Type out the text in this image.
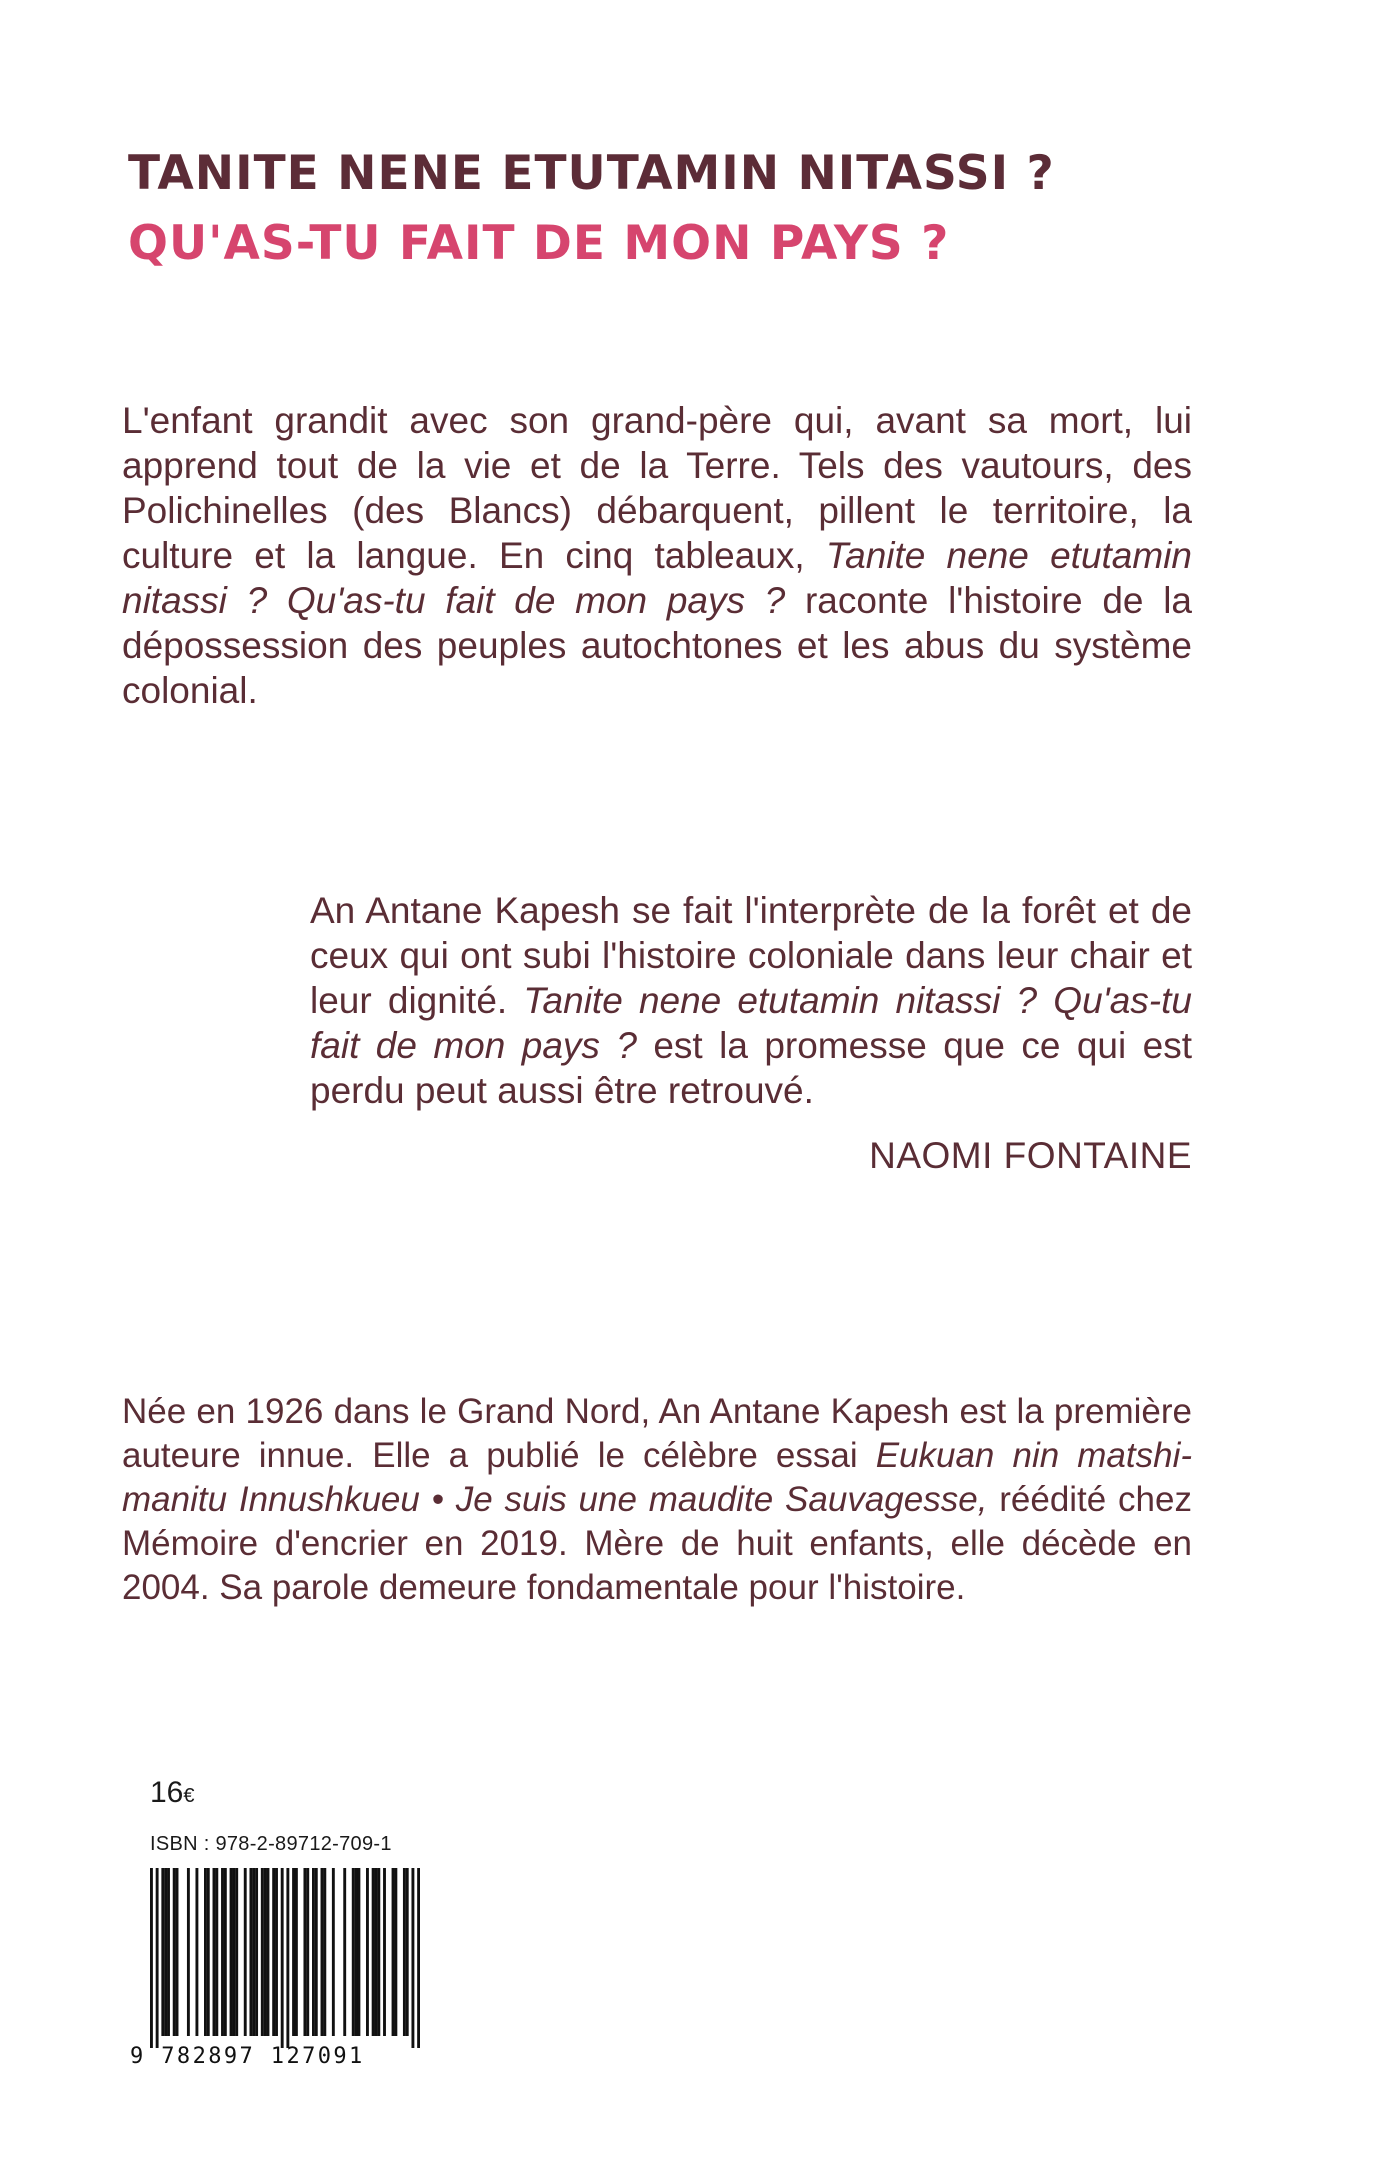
TANITE NENE ETUTAMIN NITASSI ?
QU'AS-TU FAIT DE MON PAYS ?

L'enfant grandit avec son grand-père qui, avant sa mort, lui apprend tout de la vie et de la Terre. Tels des vautours, des Polichinelles (des Blancs) débarquent, pillent le territoire, la culture et la langue. En cinq tableaux, Tanite nene etutamin nitassi ? Qu'as-tu fait de mon pays ? raconte l'histoire de la dépossession des peuples autochtones et les abus du système colonial.

An Antane Kapesh se fait l'interprète de la forêt et de ceux qui ont subi l'histoire coloniale dans leur chair et leur dignité. Tanite nene etutamin nitassi ? Qu'as-tu fait de mon pays ? est la promesse que ce qui est perdu peut aussi être retrouvé.

NAOMI FONTAINE

Née en 1926 dans le Grand Nord, An Antane Kapesh est la première auteure innue. Elle a publié le célèbre essai Eukuan nin matshi-manitu Innushkueu • Je suis une maudite Sauvagesse, réédité chez Mémoire d'encrier en 2019. Mère de huit enfants, elle décède en 2004. Sa parole demeure fondamentale pour l'histoire.

16€
ISBN : 978-2-89712-709-1
9 782897 127091
